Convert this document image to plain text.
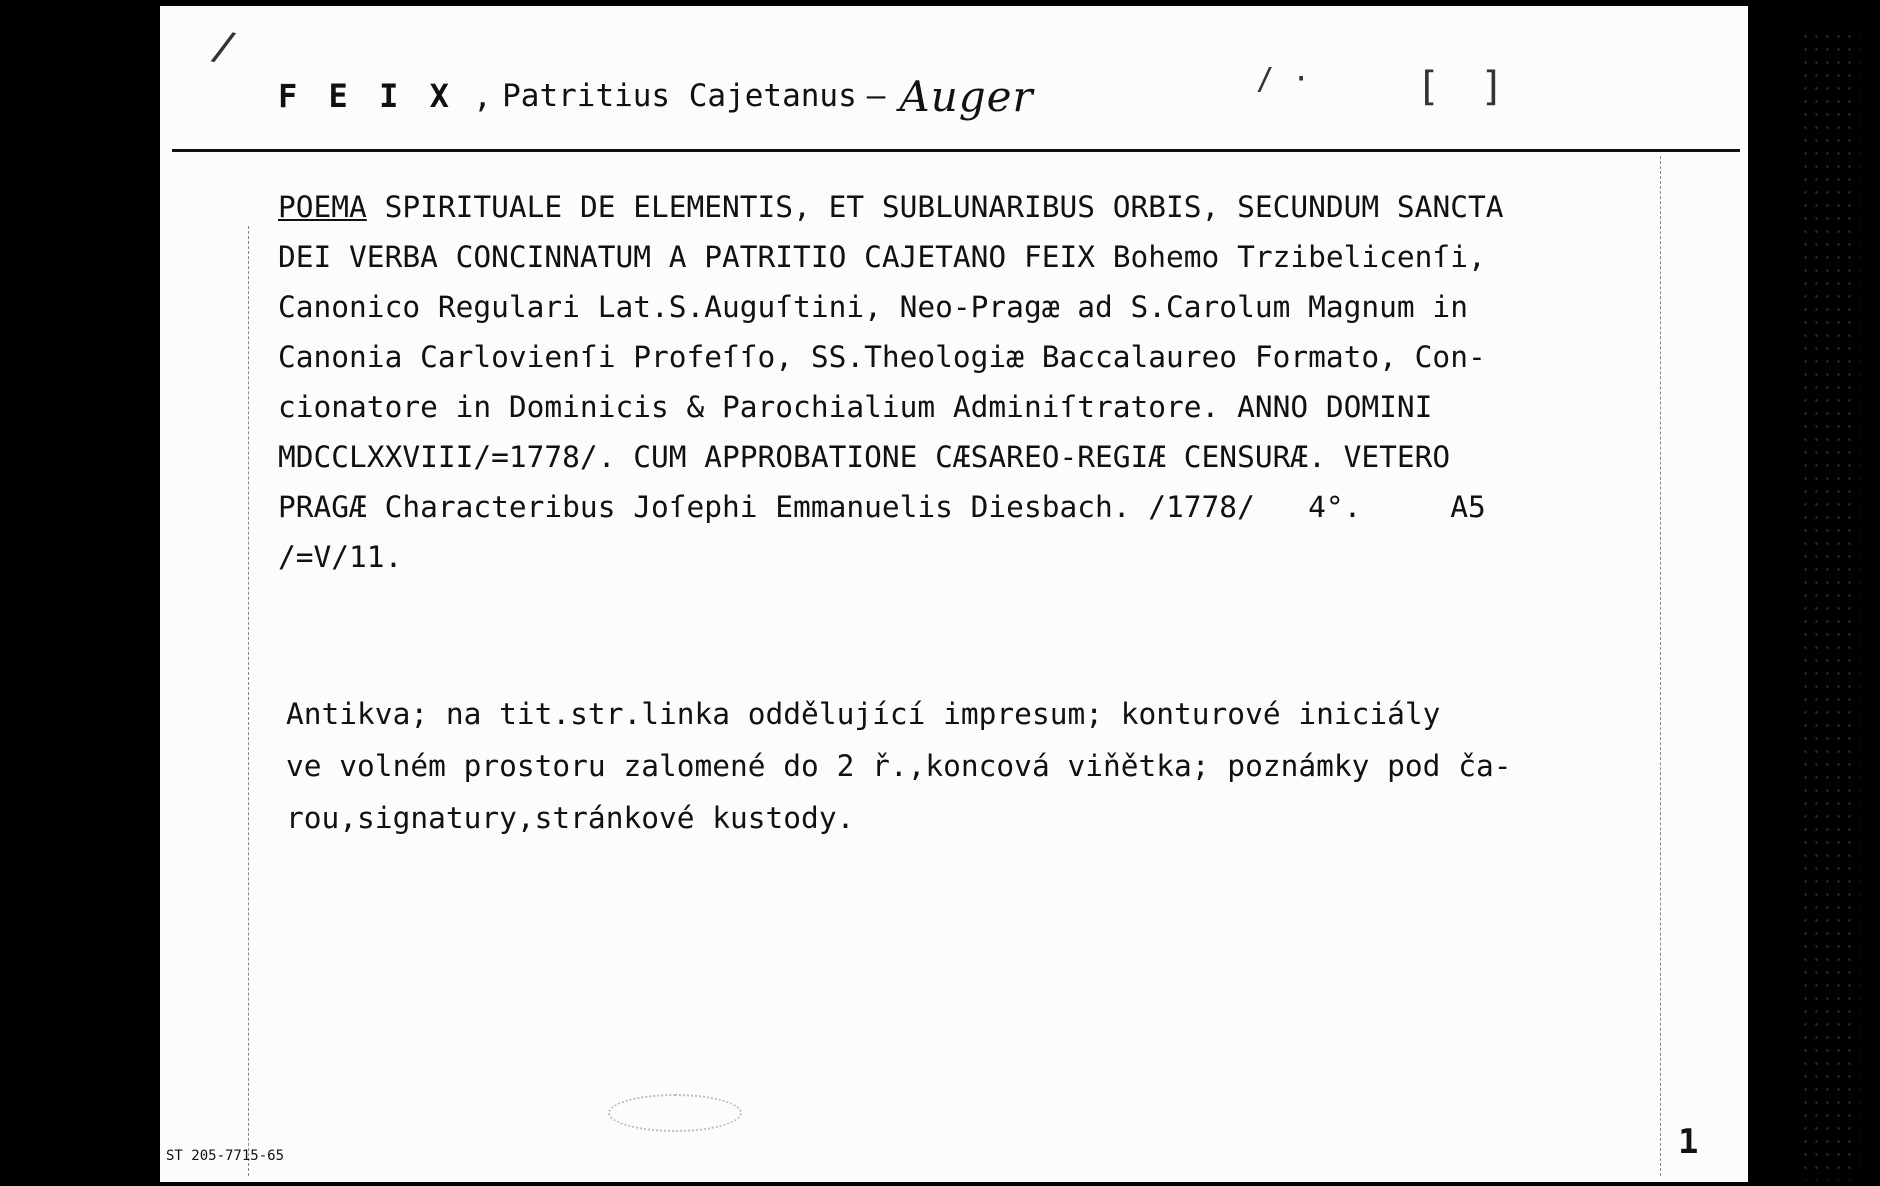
F E I X , Patritius Cajetanus – Auger
/
/ ·	[ ]
POEMA SPIRITUALE DE ELEMENTIS, ET SUBLUNARIBUS ORBIS, SECUNDUM SANCTA
DEI VERBA CONCINNATUM A PATRITIO CAJETANO FEIX Bohemo Trzibelicenſi,
Canonico Regulari Lat.S.Auguſtini, Neo-Pragæ ad S.Carolum Magnum in
Canonia Carlovienſi Profeſſo, SS.Theologiæ Baccalaureo Formato, Con-
cionatore in Dominicis & Parochialium Adminiſtratore. ANNO DOMINI
MDCCLXXVIII/=1778/. CUM APPROBATIONE CÆSAREO-REGIÆ CENSURÆ. VETERO
PRAGÆ Characteribus Joſephi Emmanuelis Diesbach. /1778/   4°.     A5
/=V/11.
Antikva; na tit.str.linka oddělující impresum; konturové iniciály
ve volném prostoru zalomené do 2 ř.,koncová viňětka; poznámky pod ča-
rou,signatury,stránkové kustody.
ST 205-7715-65	1
